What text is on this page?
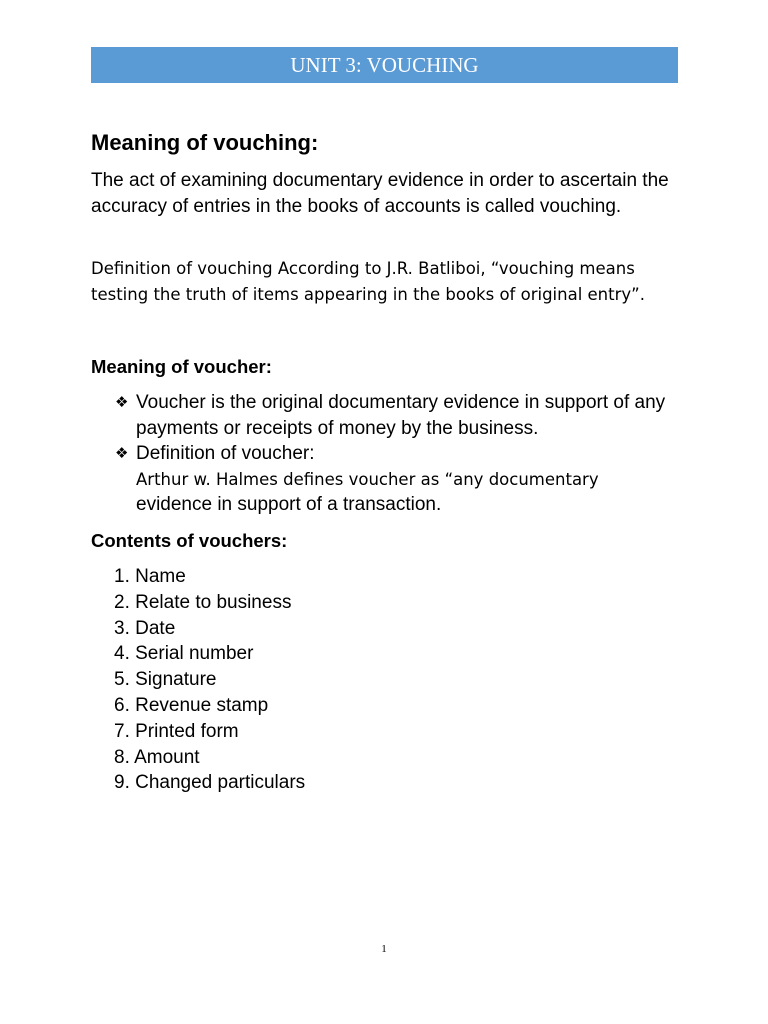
UNIT 3: VOUCHING
Meaning of vouching:

The act of examining documentary evidence in order to ascertain the accuracy of entries in the books of accounts is called vouching.

Definition of vouching According to J.R. Batliboi, “vouching means testing the truth of items appearing in the books of original entry”.

Meaning of voucher:
❖ Voucher is the original documentary evidence in support of any payments or receipts of money by the business.
❖ Definition of voucher:
Arthur w. Halmes defines voucher as “any documentary
evidence in support of a transaction.
Contents of vouchers:
1. Name
2. Relate to business
3. Date
4. Serial number
5. Signature
6. Revenue stamp
7. Printed form
8. Amount
9. Changed particulars
1
